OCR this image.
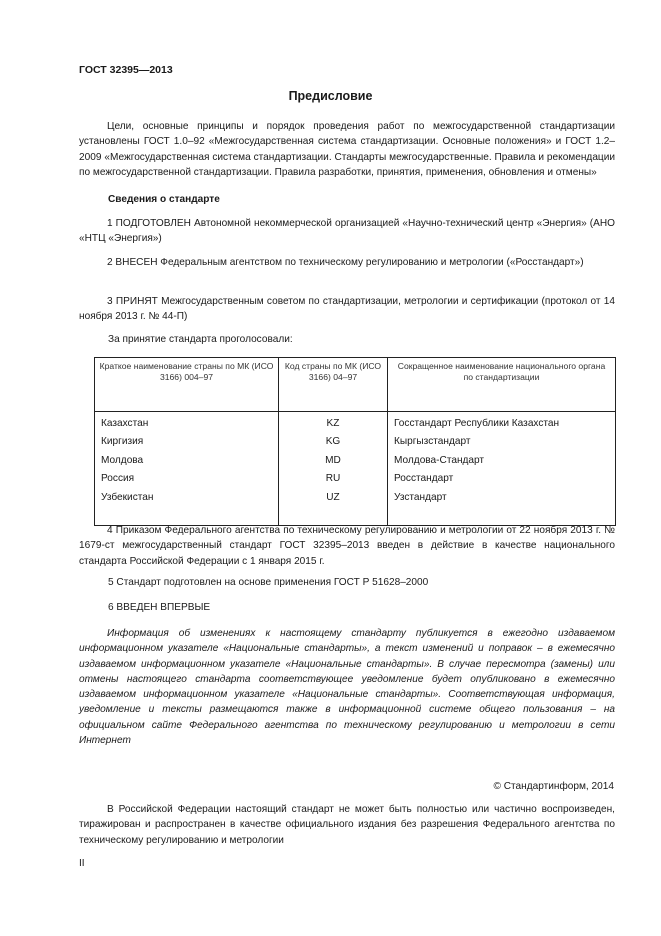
ГОСТ 32395—2013
Предисловие

Цели, основные принципы и порядок проведения работ по межгосударственной стандартизации установлены ГОСТ 1.0–92 «Межгосударственная система стандартизации. Основные положения» и ГОСТ 1.2–2009 «Межгосударственная система стандартизации. Стандарты межгосударственные. Правила и рекомендации по межгосударственной стандартизации. Правила разработки, принятия, применения, обновления и отмены»

Сведения о стандарте

1 ПОДГОТОВЛЕН Автономной некоммерческой организацией «Научно-технический центр «Энергия» (АНО «НТЦ «Энергия»)

2 ВНЕСЕН Федеральным агентством по техническому регулированию и метрологии («Росстандарт»)

3 ПРИНЯТ Межгосударственным советом по стандартизации, метрологии и сертификации (протокол от 14 ноября 2013 г. № 44-П)

За принятие стандарта проголосовали:
Краткое наименование страны по МК (ИСО 3166) 004–97	Код страны по МК (ИСО 3166) 04–97	Сокращенное наименование национального органа по стандартизации

Казахстан	KZ	Госстандарт Республики Казахстан
Киргизия	KG	Кыргызстандарт
Молдова	MD	Молдова-Стандарт
Россия	RU	Росстандарт
Узбекистан	UZ	Узстандарт

4 Приказом Федерального агентства по техническому регулированию и метрологии от 22 ноября 2013 г. № 1679-ст межгосударственный стандарт ГОСТ 32395–2013 введен в действие в качестве национального стандарта Российской Федерации с 1 января 2015 г.

5 Стандарт подготовлен на основе применения ГОСТ Р 51628–2000
6 ВВЕДЕН ВПЕРВЫЕ

Информация об изменениях к настоящему стандарту публикуется в ежегодно издаваемом информационном указателе «Национальные стандарты», а текст изменений и поправок – в ежемесячно издаваемом информационном указателе «Национальные стандарты». В случае пересмотра (замены) или отмены настоящего стандарта соответствующее уведомление будет опубликовано в ежемесячно издаваемом информационном указателе «Национальные стандарты». Соответствующая информация, уведомление и тексты размещаются также в информационной системе общего пользования – на официальном сайте Федерального агентства по техническому регулированию и метрологии в сети Интернет

© Стандартинформ, 2014

В Российской Федерации настоящий стандарт не может быть полностью или частично воспроизведен, тиражирован и распространен в качестве официального издания без разрешения Федерального агентства по техническому регулированию и метрологии

II
